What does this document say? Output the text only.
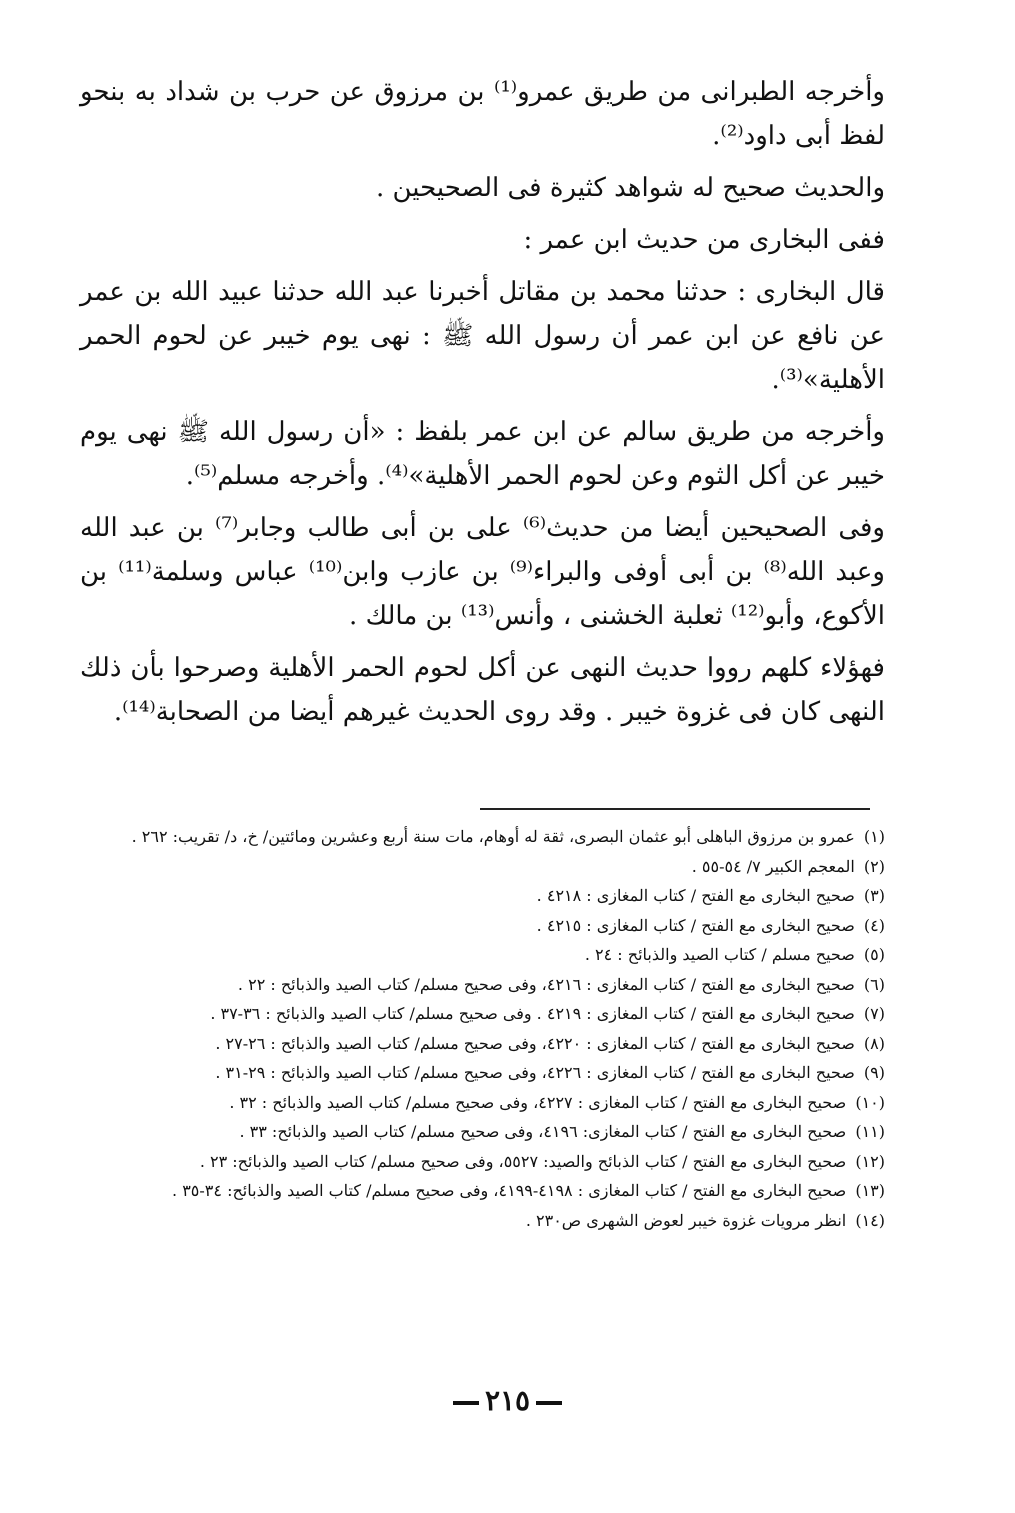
وأخرجه الطبرانى من طريق عمرو⁽¹⁾ بن مرزوق عن حرب بن شداد به بنحو لفظ أبى داود⁽²⁾.

والحديث صحيح له شواهد كثيرة فى الصحيحين .

ففى البخارى من حديث ابن عمر :

قال البخارى : حدثنا محمد بن مقاتل أخبرنا عبد الله حدثنا عبيد الله بن عمر عن نافع عن ابن عمر أن رسول الله ﷺ : نهى يوم خيبر عن لحوم الحمر الأهلية»⁽³⁾.

وأخرجه من طريق سالم عن ابن عمر بلفظ : «أن رسول الله ﷺ نهى يوم خيبر عن أكل الثوم وعن لحوم الحمر الأهلية»⁽⁴⁾. وأخرجه مسلم⁽⁵⁾.

وفى الصحيحين أيضا من حديث⁽⁶⁾ على بن أبى طالب وجابر⁽⁷⁾ بن عبد الله وعبد الله⁽⁸⁾ بن أبى أوفى والبراء⁽⁹⁾ بن عازب وابن⁽¹⁰⁾ عباس وسلمة⁽¹¹⁾ بن الأكوع، وأبو⁽¹²⁾ ثعلبة الخشنى ، وأنس⁽¹³⁾ بن مالك .

فهؤلاء كلهم رووا حديث النهى عن أكل لحوم الحمر الأهلية وصرحوا بأن ذلك النهى كان فى غزوة خيبر . وقد روى الحديث غيرهم أيضا من الصحابة⁽¹⁴⁾.

(١) عمرو بن مرزوق الباهلى أبو عثمان البصرى، ثقة له أوهام، مات سنة أربع وعشرين ومائتين/ خ، د/ تقريب: ٢٦٢ .

(٢) المعجم الكبير ٧/ ٥٤-٥٥ .

(٣) صحيح البخارى مع الفتح / كتاب المغازى : ٤٢١٨ .

(٤) صحيح البخارى مع الفتح / كتاب المغازى : ٤٢١٥ .

(٥) صحيح مسلم / كتاب الصيد والذبائح : ٢٤ .

(٦) صحيح البخارى مع الفتح / كتاب المغازى : ٤٢١٦، وفى صحيح مسلم/ كتاب الصيد والذبائح : ٢٢ .

(٧) صحيح البخارى مع الفتح / كتاب المغازى : ٤٢١٩ . وفى صحيح مسلم/ كتاب الصيد والذبائح : ٣٦-٣٧ .

(٨) صحيح البخارى مع الفتح / كتاب المغازى : ٤٢٢٠، وفى صحيح مسلم/ كتاب الصيد والذبائح : ٢٦-٢٧ .

(٩) صحيح البخارى مع الفتح / كتاب المغازى : ٤٢٢٦، وفى صحيح مسلم/ كتاب الصيد والذبائح : ٢٩-٣١ .

(١٠) صحيح البخارى مع الفتح / كتاب المغازى : ٤٢٢٧، وفى صحيح مسلم/ كتاب الصيد والذبائح : ٣٢ .

(١١) صحيح البخارى مع الفتح / كتاب المغازى: ٤١٩٦، وفى صحيح مسلم/ كتاب الصيد والذبائح: ٣٣ .

(١٢) صحيح البخارى مع الفتح / كتاب الذبائح والصيد: ٥٥٢٧، وفى صحيح مسلم/ كتاب الصيد والذبائح: ٢٣ .

(١٣) صحيح البخارى مع الفتح / كتاب المغازى : ٤١٩٨-٤١٩٩، وفى صحيح مسلم/ كتاب الصيد والذبائح: ٣٤-٣٥ .

(١٤) انظر مرويات غزوة خيبر لعوض الشهرى ص٢٣٠ .

٢١٥
